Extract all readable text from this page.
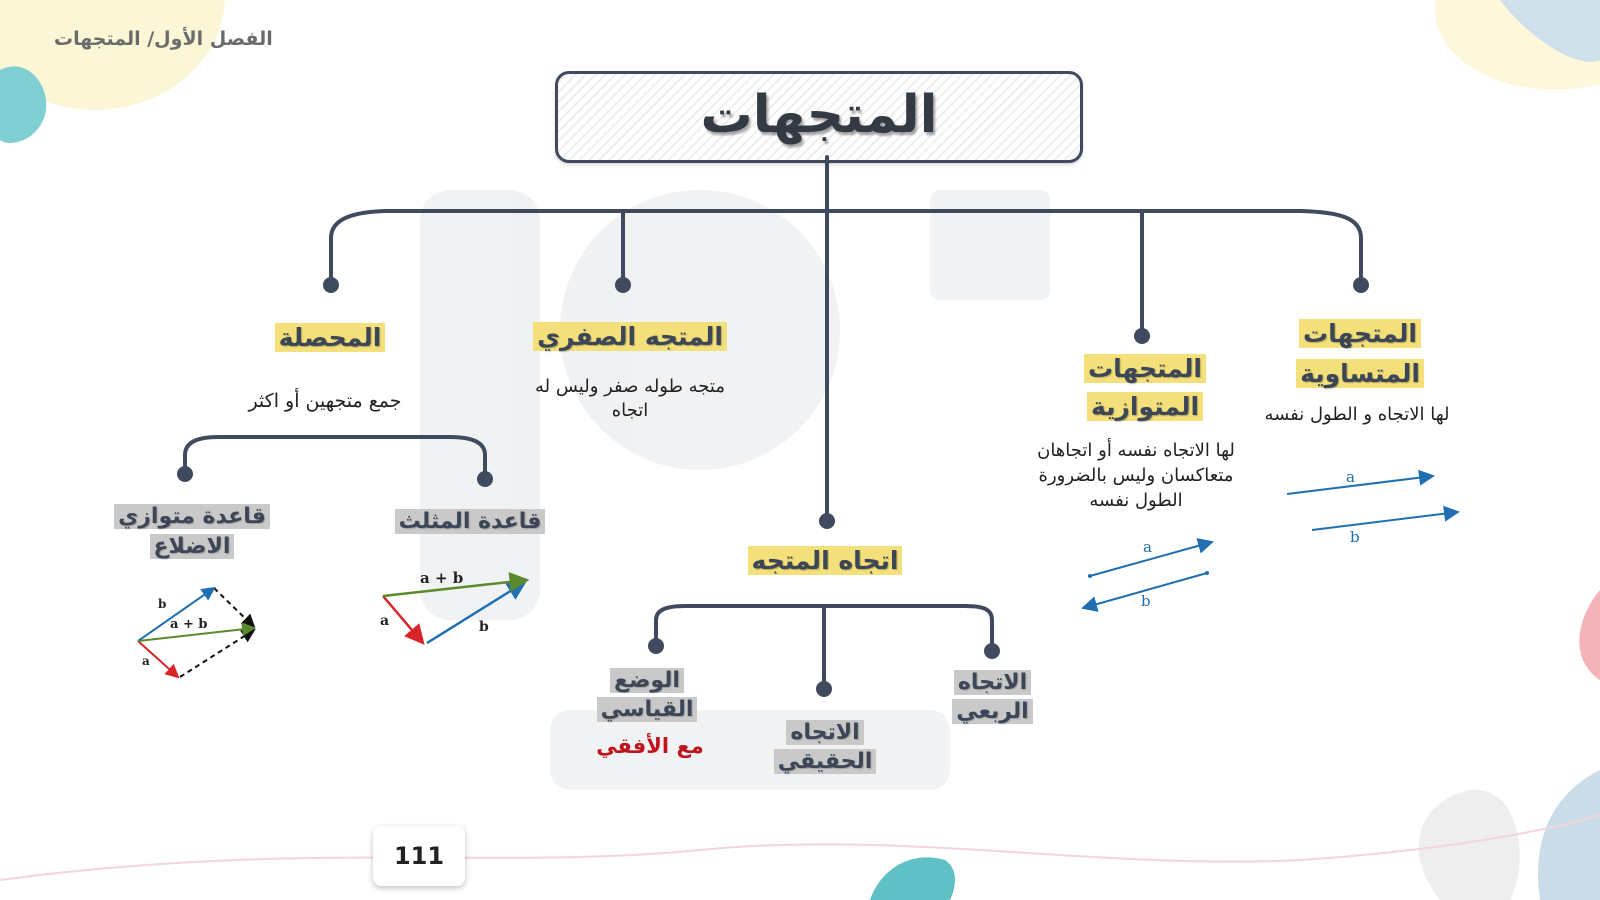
الفصل الأول/ المتجهات
المتجهات
المتجهات المتساوية
لها الاتجاه و الطول نفسه
a
b
المتجهات المتوازية
لها الاتجاه نفسه أو اتجاهان متعاكسان وليس بالضرورة الطول نفسه
a
b
المتجه الصفري
متجه طوله صفر وليس له اتجاه
المحصلة
جمع متجهين أو اكثر
قاعدة المثلث
a + b
a	b
قاعدة متوازي الاضلاع
a + b
a
b
اتجاه المتجه
الاتجاه الربعي
الاتجاه الحقيقي
الوضع القياسي
مع الأفقي
111
